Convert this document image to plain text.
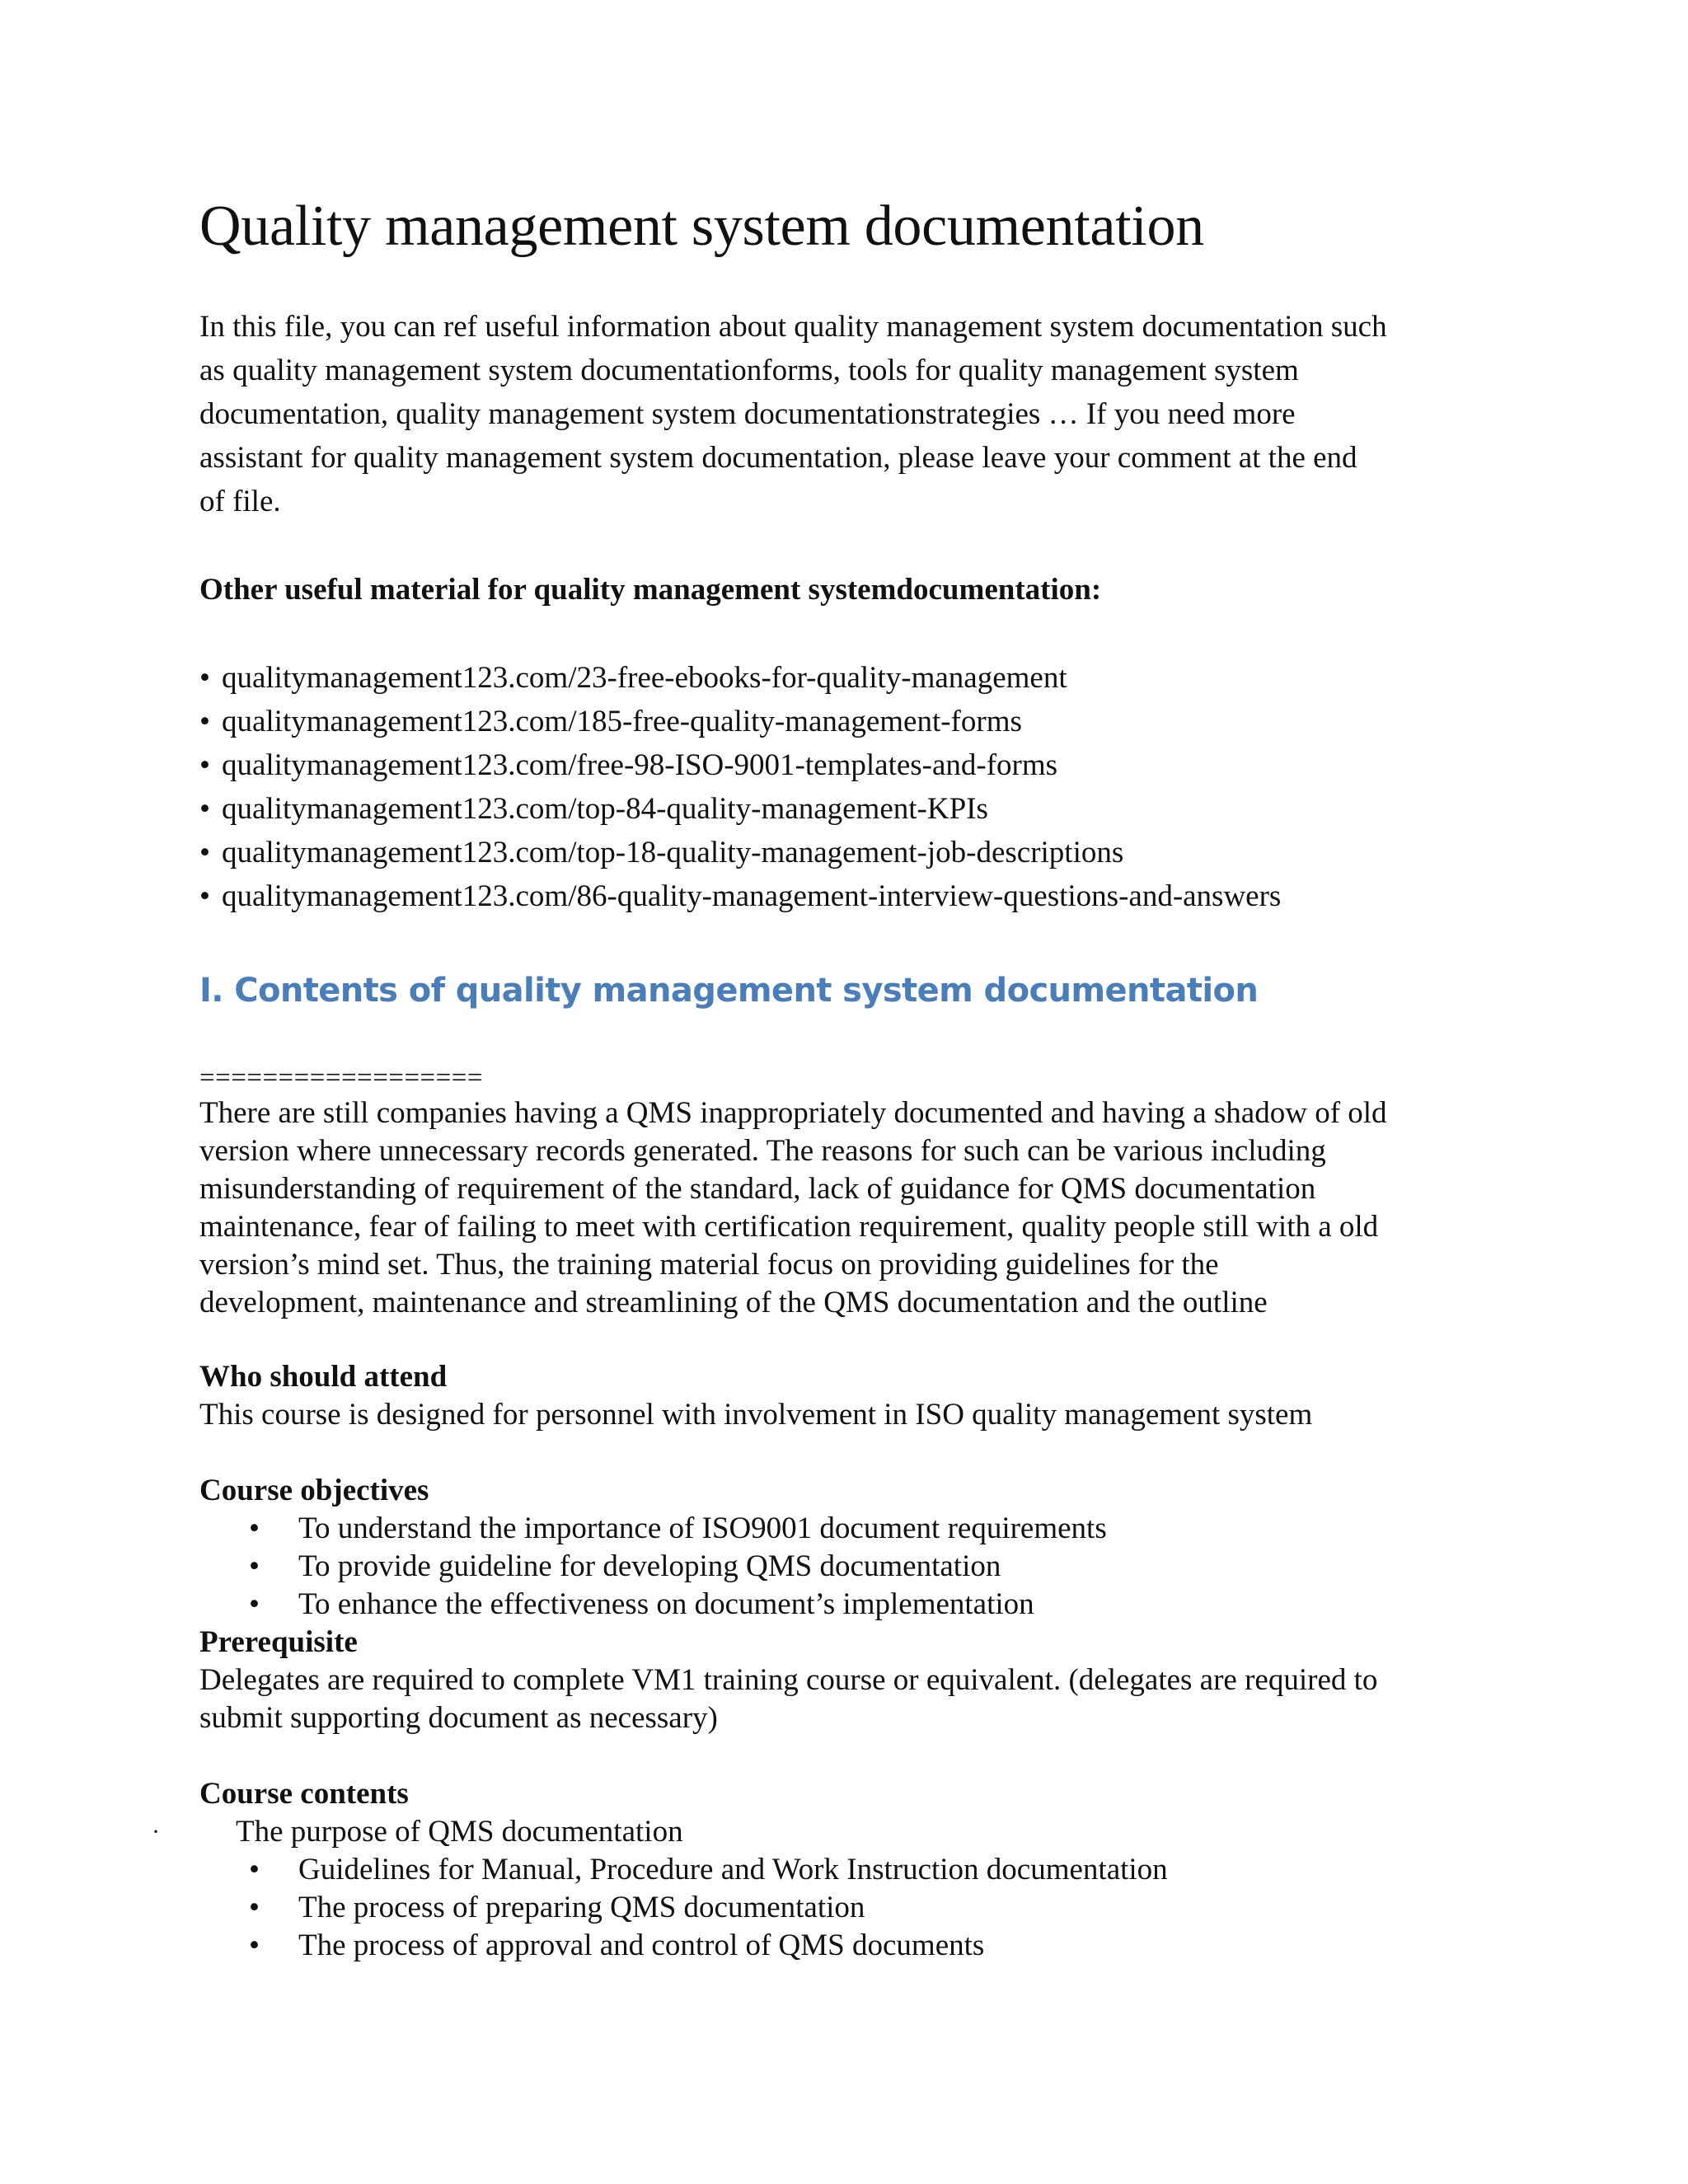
Quality management system documentation

In this file, you can ref useful information about quality management system documentation such

as quality management system documentationforms, tools for quality management system

documentation, quality management system documentationstrategies … If you need more

assistant for quality management system documentation, please leave your comment at the end

of file.

Other useful material for quality management systemdocumentation:

• qualitymanagement123.com/23-free-ebooks-for-quality-management
• qualitymanagement123.com/185-free-quality-management-forms
• qualitymanagement123.com/free-98-ISO-9001-templates-and-forms
• qualitymanagement123.com/top-84-quality-management-KPIs
• qualitymanagement123.com/top-18-quality-management-job-descriptions
• qualitymanagement123.com/86-quality-management-interview-questions-and-answers
I. Contents of quality management system documentation

==================

There are still companies having a QMS inappropriately documented and having a shadow of old
version where unnecessary records generated. The reasons for such can be various including
misunderstanding of requirement of the standard, lack of guidance for QMS documentation
maintenance, fear of failing to meet with certification requirement, quality people still with a old
version’s mind set. Thus, the training material focus on providing guidelines for the
development, maintenance and streamlining of the QMS documentation and the outline

Who should attend

This course is designed for personnel with involvement in ISO quality management system

Course objectives

• To understand the importance of ISO9001 document requirements
• To provide guideline for developing QMS documentation
• To enhance the effectiveness on document’s implementation

Prerequisite

Delegates are required to complete VM1 training course or equivalent. (delegates are required to
submit supporting document as necessary)

Course contents

· The purpose of QMS documentation
• Guidelines for Manual, Procedure and Work Instruction documentation
• The process of preparing QMS documentation
• The process of approval and control of QMS documents
